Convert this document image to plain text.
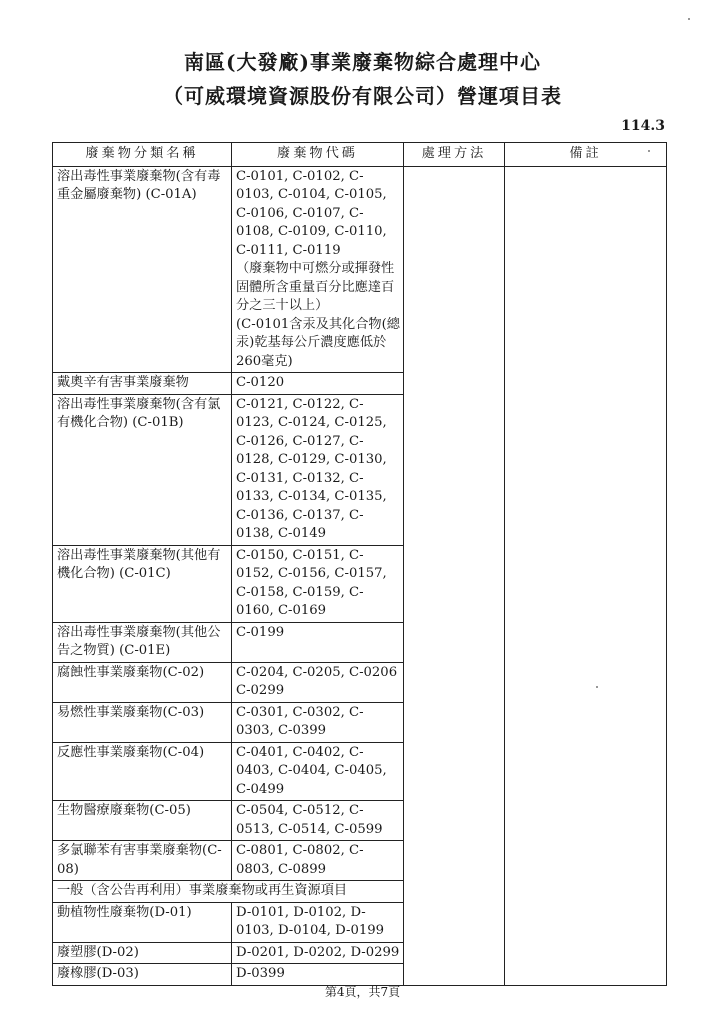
南區(大發廠)事業廢棄物綜合處理中心
（可威環境資源股份有限公司）營運項目表
114.3
廢棄物分類名稱	廢棄物代碼	處理方法	備註
溶出毒性事業廢棄物(含有毒重金屬廢棄物) (C-01A)	C-0101, C-0102, C-0103, C-0104, C-0105, C-0106, C-0107, C-0108, C-0109, C-0110, C-0111, C-0119
（廢棄物中可燃分或揮發性固體所含重量百分比應達百分之三十以上）
(C-0101含汞及其化合物(總汞)乾基每公斤濃度應低於260毫克)		
戴奧辛有害事業廢棄物	C-0120		
溶出毒性事業廢棄物(含有氯有機化合物) (C-01B)	C-0121, C-0122, C-0123, C-0124, C-0125, C-0126, C-0127, C-0128, C-0129, C-0130, C-0131, C-0132, C-0133, C-0134, C-0135, C-0136, C-0137, C-0138, C-0149		
溶出毒性事業廢棄物(其他有機化合物) (C-01C)	C-0150, C-0151, C-0152, C-0156, C-0157, C-0158, C-0159, C-0160, C-0169		
溶出毒性事業廢棄物(其他公告之物質) (C-01E)	C-0199		
腐蝕性事業廢棄物(C-02)	C-0204, C-0205, C-0206 C-0299		
易燃性事業廢棄物(C-03)	C-0301, C-0302, C-0303, C-0399		
反應性事業廢棄物(C-04)	C-0401, C-0402, C-0403, C-0404, C-0405, C-0499		
生物醫療廢棄物(C-05)	C-0504, C-0512, C-0513, C-0514, C-0599		
多氯聯苯有害事業廢棄物(C-08)	C-0801, C-0802, C-0803, C-0899		
一般（含公告再利用）事業廢棄物或再生資源項目			
動植物性廢棄物(D-01)	D-0101, D-0102, D-0103, D-0104, D-0199		
廢塑膠(D-02)	D-0201, D-0202, D-0299		
廢橡膠(D-03)	D-0399		

第4頁，共7頁
